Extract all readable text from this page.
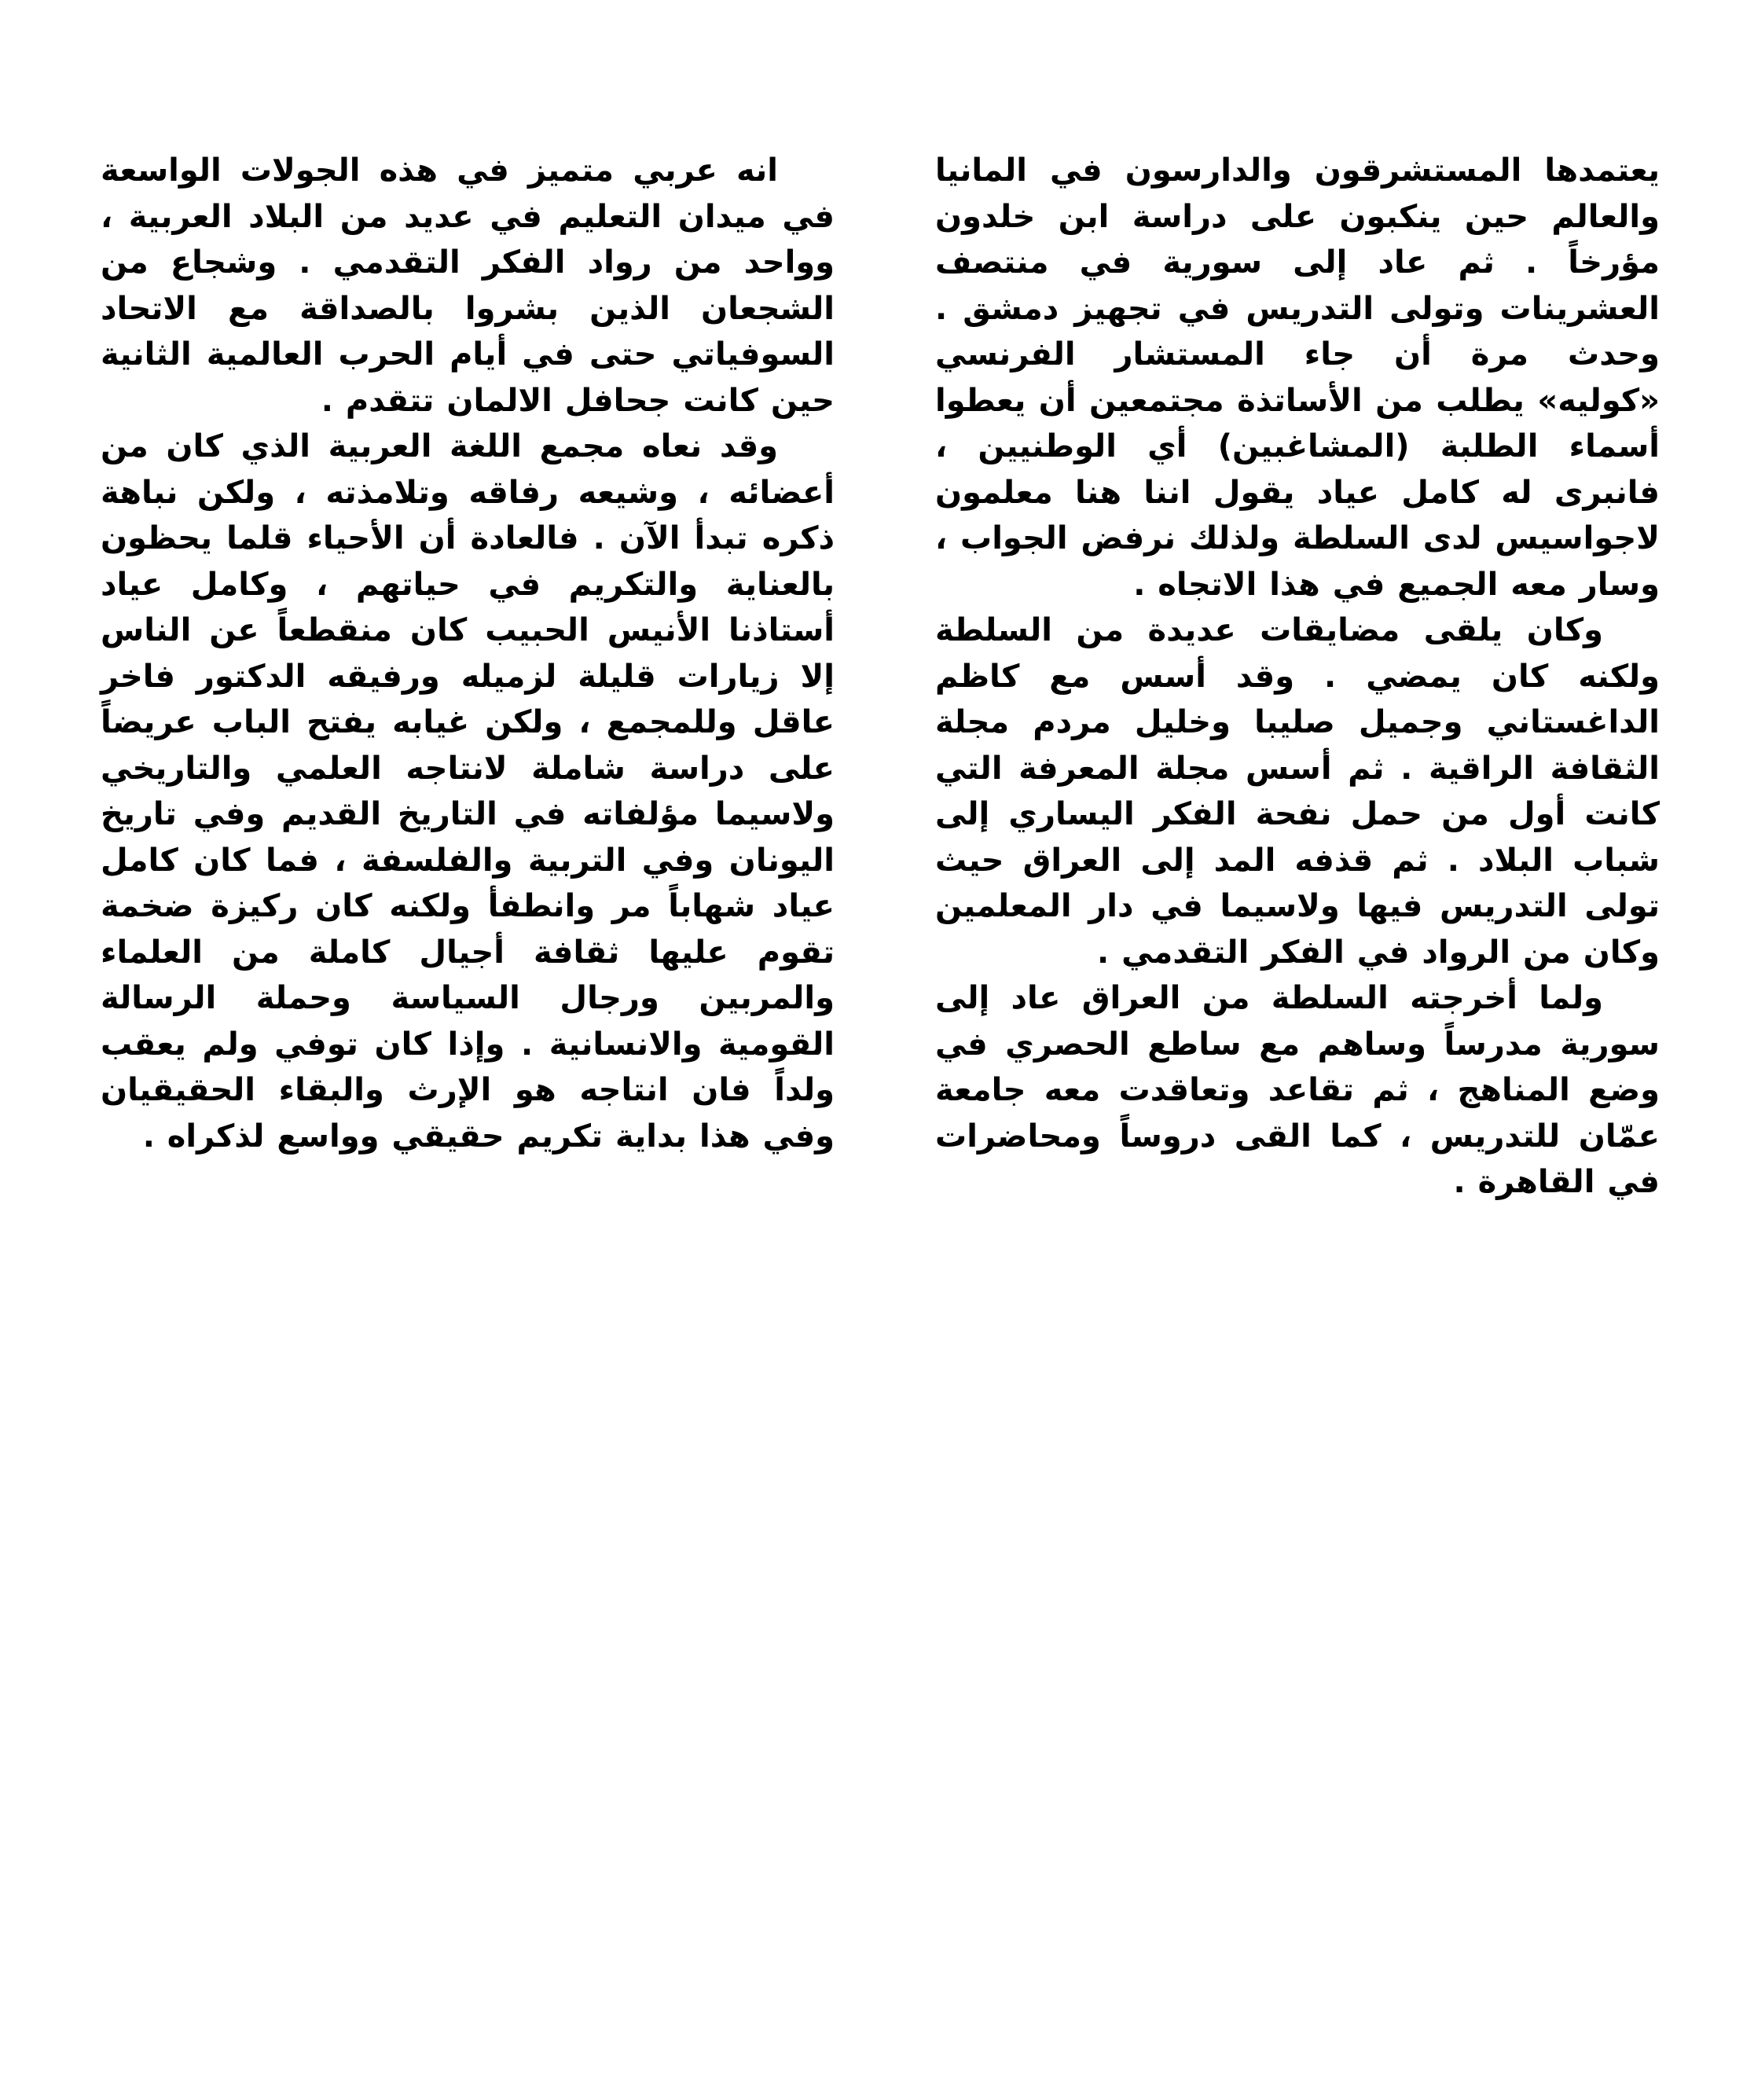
يعتمدها المستشرقون والدارسون في المانيا والعالم حين ينكبون على دراسة ابن خلدون مؤرخاً . ثم عاد إلى سورية في منتصف العشرينات وتولى التدريس في تجهيز دمشق . وحدث مرة أن جاء المستشار الفرنسي «كوليه» يطلب من الأساتذة مجتمعين أن يعطوا أسماء الطلبة (المشاغبين) أي الوطنيين ، فانبرى له كامل عياد يقول اننا هنا معلمون لاجواسيس لدى السلطة ولذلك نرفض الجواب ، وسار معه الجميع في هذا الاتجاه .

وكان يلقى مضايقات عديدة من السلطة ولكنه كان يمضي . وقد أسس مع كاظم الداغستاني وجميل صليبا وخليل مردم مجلة الثقافة الراقية . ثم أسس مجلة المعرفة التي كانت أول من حمل نفحة الفكر اليساري إلى شباب البلاد . ثم قذفه المد إلى العراق حيث تولى التدريس فيها ولاسيما في دار المعلمين وكان من الرواد في الفكر التقدمي .

ولما أخرجته السلطة من العراق عاد إلى سورية مدرساً وساهم مع ساطع الحصري في وضع المناهج ، ثم تقاعد وتعاقدت معه جامعة عمّان للتدريس ، كما القى دروساً ومحاضرات في القاهرة .

انه عربي متميز في هذه الجولات الواسعة في ميدان التعليم في عديد من البلاد العربية ، وواحد من رواد الفكر التقدمي . وشجاع من الشجعان الذين بشروا بالصداقة مع الاتحاد السوفياتي حتى في أيام الحرب العالمية الثانية حين كانت جحافل الالمان تتقدم .

وقد نعاه مجمع اللغة العربية الذي كان من أعضائه ، وشيعه رفاقه وتلامذته ، ولكن نباهة ذكره تبدأ الآن . فالعادة أن الأحياء قلما يحظون بالعناية والتكريم في حياتهم ، وكامل عياد أستاذنا الأنيس الحبيب كان منقطعاً عن الناس إلا زيارات قليلة لزميله ورفيقه الدكتور فاخر عاقل وللمجمع ، ولكن غيابه يفتح الباب عريضاً على دراسة شاملة لانتاجه العلمي والتاريخي ولاسيما مؤلفاته في التاريخ القديم وفي تاريخ اليونان وفي التربية والفلسفة ، فما كان كامل عياد شهاباً مر وانطفأ ولكنه كان ركيزة ضخمة تقوم عليها ثقافة أجيال كاملة من العلماء والمربين ورجال السياسة وحملة الرسالة القومية والانسانية . وإذا كان توفي ولم يعقب ولداً فان انتاجه هو الإرث والبقاء الحقيقيان وفي هذا بداية تكريم حقيقي وواسع لذكراه .
